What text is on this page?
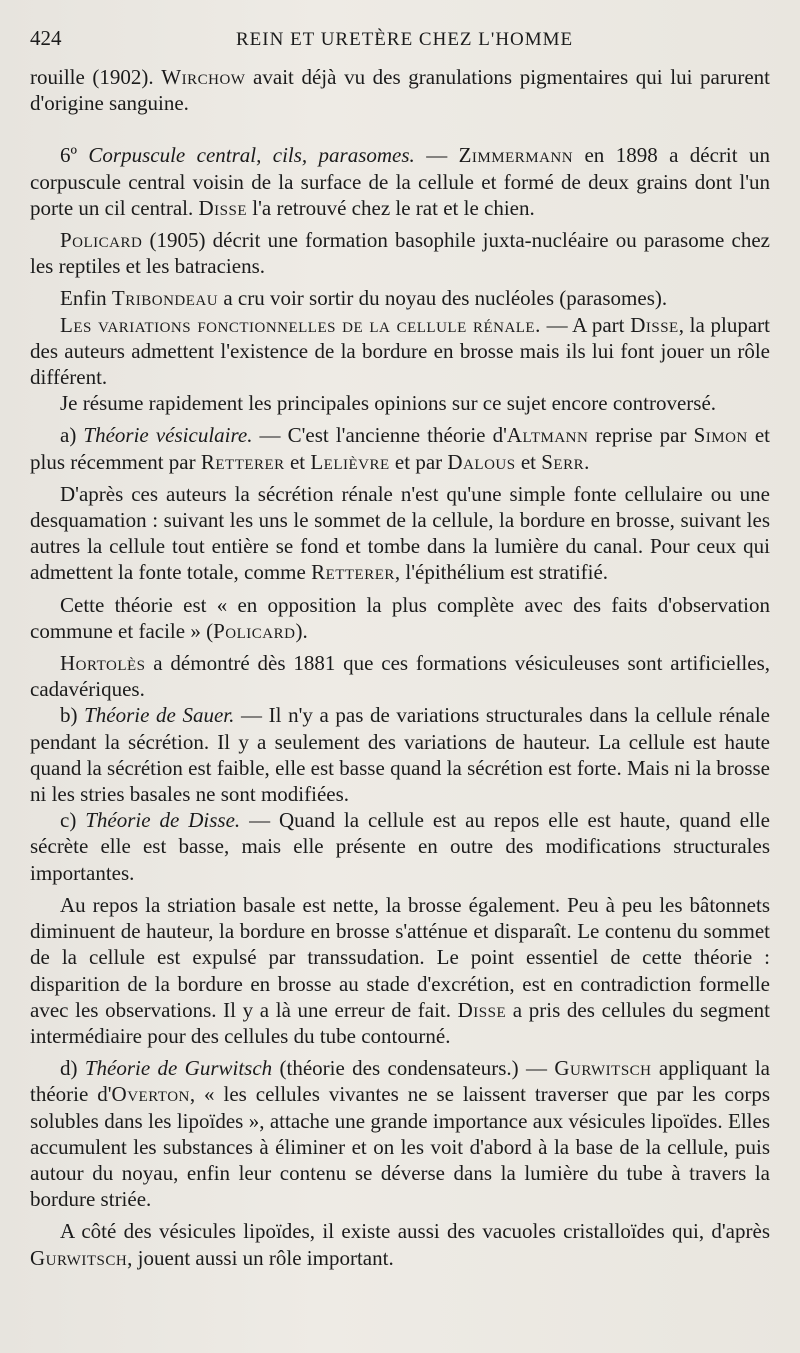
424	REIN ET URETÈRE CHEZ L'HOMME

rouille (1902). Wirchow avait déjà vu des granulations pigmentaires qui lui parurent d'origine sanguine.

6º Corpuscule central, cils, parasomes. — Zimmermann en 1898 a décrit un corpuscule central voisin de la surface de la cellule et formé de deux grains dont l'un porte un cil central. Disse l'a retrouvé chez le rat et le chien.

Policard (1905) décrit une formation basophile juxta-nucléaire ou parasome chez les reptiles et les batraciens.

Enfin Tribondeau a cru voir sortir du noyau des nucléoles (parasomes).

Les variations fonctionnelles de la cellule rénale. — A part Disse, la plupart des auteurs admettent l'existence de la bordure en brosse mais ils lui font jouer un rôle différent.

Je résume rapidement les principales opinions sur ce sujet encore controversé.

a) Théorie vésiculaire. — C'est l'ancienne théorie d'Altmann reprise par Simon et plus récemment par Retterer et Lelièvre et par Dalous et Serr.

D'après ces auteurs la sécrétion rénale n'est qu'une simple fonte cellulaire ou une desquamation : suivant les uns le sommet de la cellule, la bordure en brosse, suivant les autres la cellule tout entière se fond et tombe dans la lumière du canal. Pour ceux qui admettent la fonte totale, comme Retterer, l'épithélium est stratifié.

Cette théorie est « en opposition la plus complète avec des faits d'observation commune et facile » (Policard).

Hortolès a démontré dès 1881 que ces formations vésiculeuses sont artificielles, cadavériques.

b) Théorie de Sauer. — Il n'y a pas de variations structurales dans la cellule rénale pendant la sécrétion. Il y a seulement des variations de hauteur. La cellule est haute quand la sécrétion est faible, elle est basse quand la sécrétion est forte. Mais ni la brosse ni les stries basales ne sont modifiées.

c) Théorie de Disse. — Quand la cellule est au repos elle est haute, quand elle sécrète elle est basse, mais elle présente en outre des modifications structurales importantes.

Au repos la striation basale est nette, la brosse également. Peu à peu les bâtonnets diminuent de hauteur, la bordure en brosse s'atténue et disparaît. Le contenu du sommet de la cellule est expulsé par transsudation. Le point essentiel de cette théorie : disparition de la bordure en brosse au stade d'excrétion, est en contradiction formelle avec les observations. Il y a là une erreur de fait. Disse a pris des cellules du segment intermédiaire pour des cellules du tube contourné.

d) Théorie de Gurwitsch (théorie des condensateurs.) — Gurwitsch appliquant la théorie d'Overton, « les cellules vivantes ne se laissent traverser que par les corps solubles dans les lipoïdes », attache une grande importance aux vésicules lipoïdes. Elles accumulent les substances à éliminer et on les voit d'abord à la base de la cellule, puis autour du noyau, enfin leur contenu se déverse dans la lumière du tube à travers la bordure striée.

A côté des vésicules lipoïdes, il existe aussi des vacuoles cristalloïdes qui, d'après Gurwitsch, jouent aussi un rôle important.
